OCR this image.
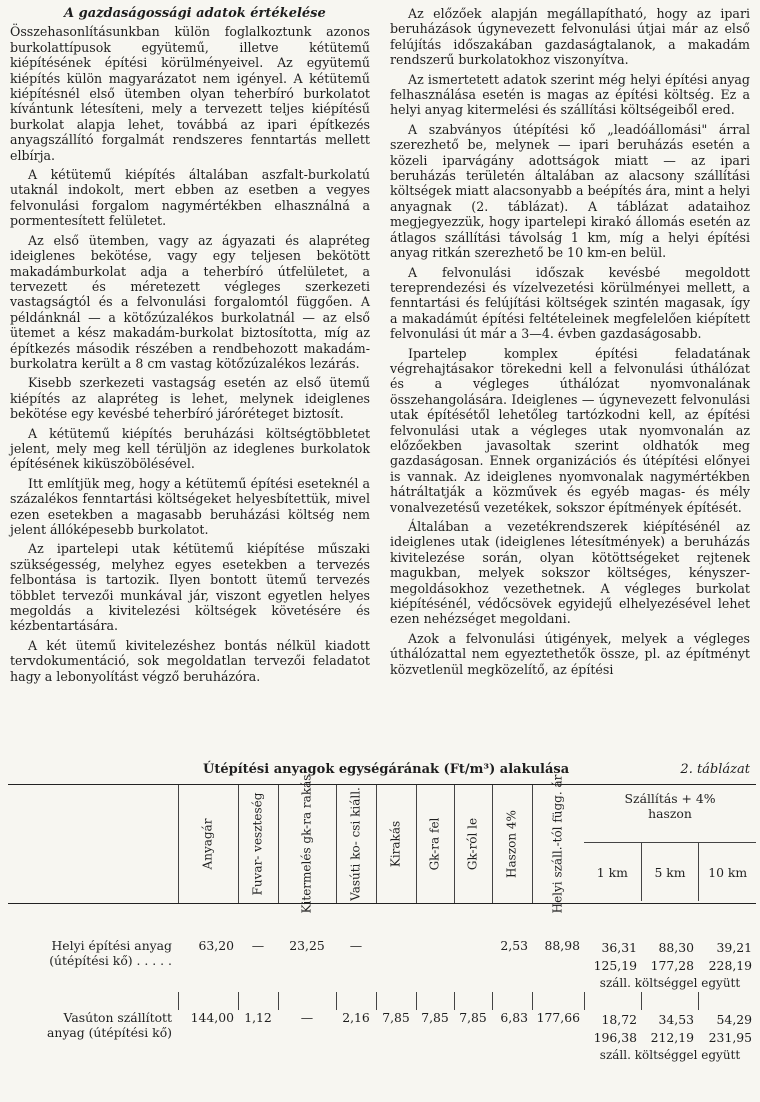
A gazdaságossági adatok értékelése

Összehasonlításunkban külön foglalkoztunk azonos burkolattípusok együtemű, illetve kétütemű kiépítésének építési körülményeivel. Az együtemű kiépítés külön magyarázatot nem igényel. A kétütemű kiépítésnél első ütemben olyan teherbíró burkolatot kívántunk létesíteni, mely a tervezett teljes kiépítésű burkolat alapja lehet, továbbá az ipari építkezés anyagszállító forgalmát rendszeres fenntartás mellett elbírja.

A kétütemű kiépítés általában aszfalt-burkolatú utaknál indokolt, mert ebben az esetben a vegyes felvonulási forgalom nagymértékben elhasználná a pormentesített felületet.

Az első ütemben, vagy az ágyazati és alapréteg ideiglenes bekötése, vagy egy teljesen bekötött makadámburkolat adja a teherbíró útfelületet, a tervezett és méretezett végleges szerkezeti vastagságtól és a felvonulási forgalomtól függően. A példánknál — a kötőzúzalékos burkolatnál — az első ütemet a kész makadám-burkolat biztosította, míg az építkezés második részében a rendbehozott makadám-burkolatra került a 8 cm vastag kötőzúzalékos lezárás.

Kisebb szerkezeti vastagság esetén az első ütemű kiépítés az alapréteg is lehet, melynek ideiglenes bekötése egy kevésbé teherbíró járóréteget biztosít.

A kétütemű kiépítés beruházási költségtöbbletet jelent, mely meg kell térüljön az ideglenes burkolatok építésének kiküszöbölésével.

Itt említjük meg, hogy a kétütemű építési eseteknél a százalékos fenntartási költségeket helyesbítettük, mivel ezen esetekben a magasabb beruházási költség nem jelent állóképesebb burkolatot.

Az ipartelepi utak kétütemű kiépítése műszaki szükségesség, melyhez egyes esetekben a tervezés felbontása is tartozik. Ilyen bontott ütemű tervezés többlet tervezői munkával jár, viszont egyetlen helyes megoldás a kivitelezési költségek követésére és kézbentartására.

A két ütemű kivitelezéshez bontás nélkül kiadott tervdokumentáció, sok megoldatlan tervezői feladatot hagy a lebonyolítást végző beruházóra.

Az előzőek alapján megállapítható, hogy az ipari beruházások úgynevezett felvonulási útjai már az első felújítás időszakában gazdaságtalanok, a makadám rendszerű burkolatokhoz viszonyítva.

Az ismertetett adatok szerint még helyi építési anyag felhasználása esetén is magas az építési költség. Ez a helyi anyag kitermelési és szállítási költségeiből ered.

A szabványos útépítési kő „leadóállomási" árral szerezhető be, melynek — ipari beruházás esetén a közeli iparvágány adottságok miatt — az ipari beruházás területén általában az alacsony szállítási költségek miatt alacsonyabb a beépítés ára, mint a helyi anyagnak (2. táblázat). A táblázat adataihoz megjegyezzük, hogy ipartelepi kirakó állomás esetén az átlagos szállítási távolság 1 km, míg a helyi építési anyag ritkán szerezhető be 10 km-en belül.

A felvonulási időszak kevésbé megoldott tereprendezési és vízelvezetési körülményei mellett, a fenntartási és felújítási költségek szintén magasak, így a makadámút építési feltételeinek megfelelően kiépített felvonulási út már a 3—4. évben gazdaságosabb.

Ipartelep komplex építési feladatának végrehajtásakor törekedni kell a felvonulási úthálózat és a végleges úthálózat nyomvonalának összehangolására. Ideiglenes — úgynevezett felvonulási utak építésétől lehetőleg tartózkodni kell, az építési felvonulási utak a végleges utak nyomvonalán az előzőekben javasoltak szerint oldhatók meg gazdaságosan. Ennek organizációs és útépítési előnyei is vannak. Az ideiglenes nyomvonalak nagymértékben hátráltatják a közművek és egyéb magas- és mély vonalvezetésű vezetékek, sokszor építmények építését.

Általában a vezetékrendszerek kiépítésénél az ideiglenes utak (ideiglenes létesítmények) a beruházás kivitelezése során, olyan kötöttségeket rejtenek magukban, melyek sokszor költséges, kényszer-megoldásokhoz vezethetnek. A végleges burkolat kiépítésénél, védőcsövek egyidejű elhelyezésével lehet ezen nehézséget megoldani.

Azok a felvonulási útigények, melyek a végleges úthálózattal nem egyeztethetők össze, pl. az építményt közvetlenül megközelítő, az építési

Útépítési anyagok egységárának (Ft/m³) alakulása	2. táblázat

	Anyagár	Fuvar- veszteség	Kitermelés gk-ra rakás	Vasúti ko- csi kiáll.	Kirakás	Gk-ra fel	Gk-ról le	Haszon 4%	Helyi száll.-tól függ. ár	Szállítás + 4%
haszon
1 km 5 km 10 km		

Helyi építési anyag
(útépítési kő) . . . . .	63,20	—	23,25	—				2,53	88,98	36,31	88,30	39,21
										125,19	177,28	228,19
										száll. költséggel együtt		

Vasúton szállított
anyag (útépítési kő)	144,00	1,12	—	2,16	7,85	7,85	7,85	6,83	177,66	18,72	34,53	54,29
										196,38	212,19	231,95
										száll. költséggel együtt		
